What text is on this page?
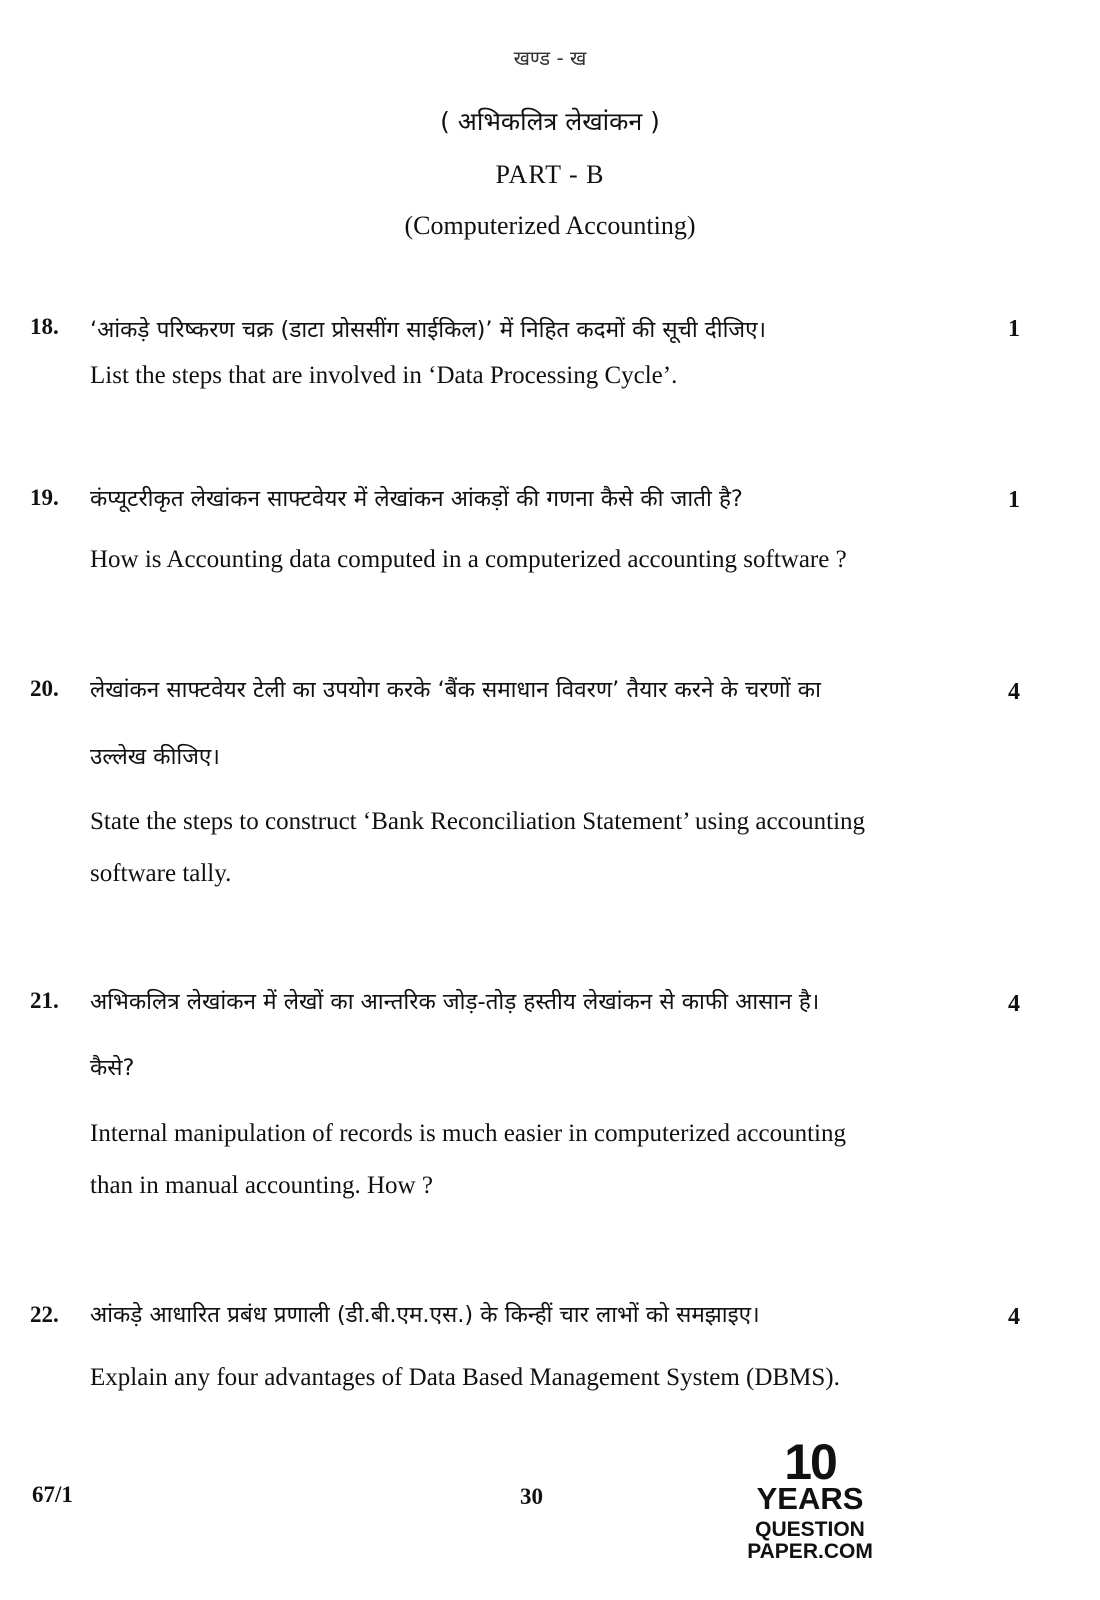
खण्ड - ख
( अभिकलित्र लेखांकन )
PART - B
(Computerized Accounting)
18. ‘आंकड़े परिष्करण चक्र (डाटा प्रोससींग साईकिल)’ में निहित कदमों की सूची दीजिए।	1
List the steps that are involved in ‘Data Processing Cycle’.
19. कंप्यूटरीकृत लेखांकन साफ्टवेयर में लेखांकन आंकड़ों की गणना कैसे की जाती है?	1
How is Accounting data computed in a computerized accounting software ?
20. लेखांकन साफ्टवेयर टेली का उपयोग करके ‘बैंक समाधान विवरण’ तैयार करने के चरणों का	4
उल्लेख कीजिए।
State the steps to construct ‘Bank Reconciliation Statement’ using accounting
software tally.
21. अभिकलित्र लेखांकन में लेखों का आन्तरिक जोड़-तोड़ हस्तीय लेखांकन से काफी आसान है।	4
कैसे?
Internal manipulation of records is much easier in computerized accounting
than in manual accounting. How ?
22. आंकड़े आधारित प्रबंध प्रणाली (डी.बी.एम.एस.) के किन्हीं चार लाभों को समझाइए।	4
Explain any four advantages of Data Based Management System (DBMS).
67/1	30
10
YEARS
QUESTION PAPER.COM
